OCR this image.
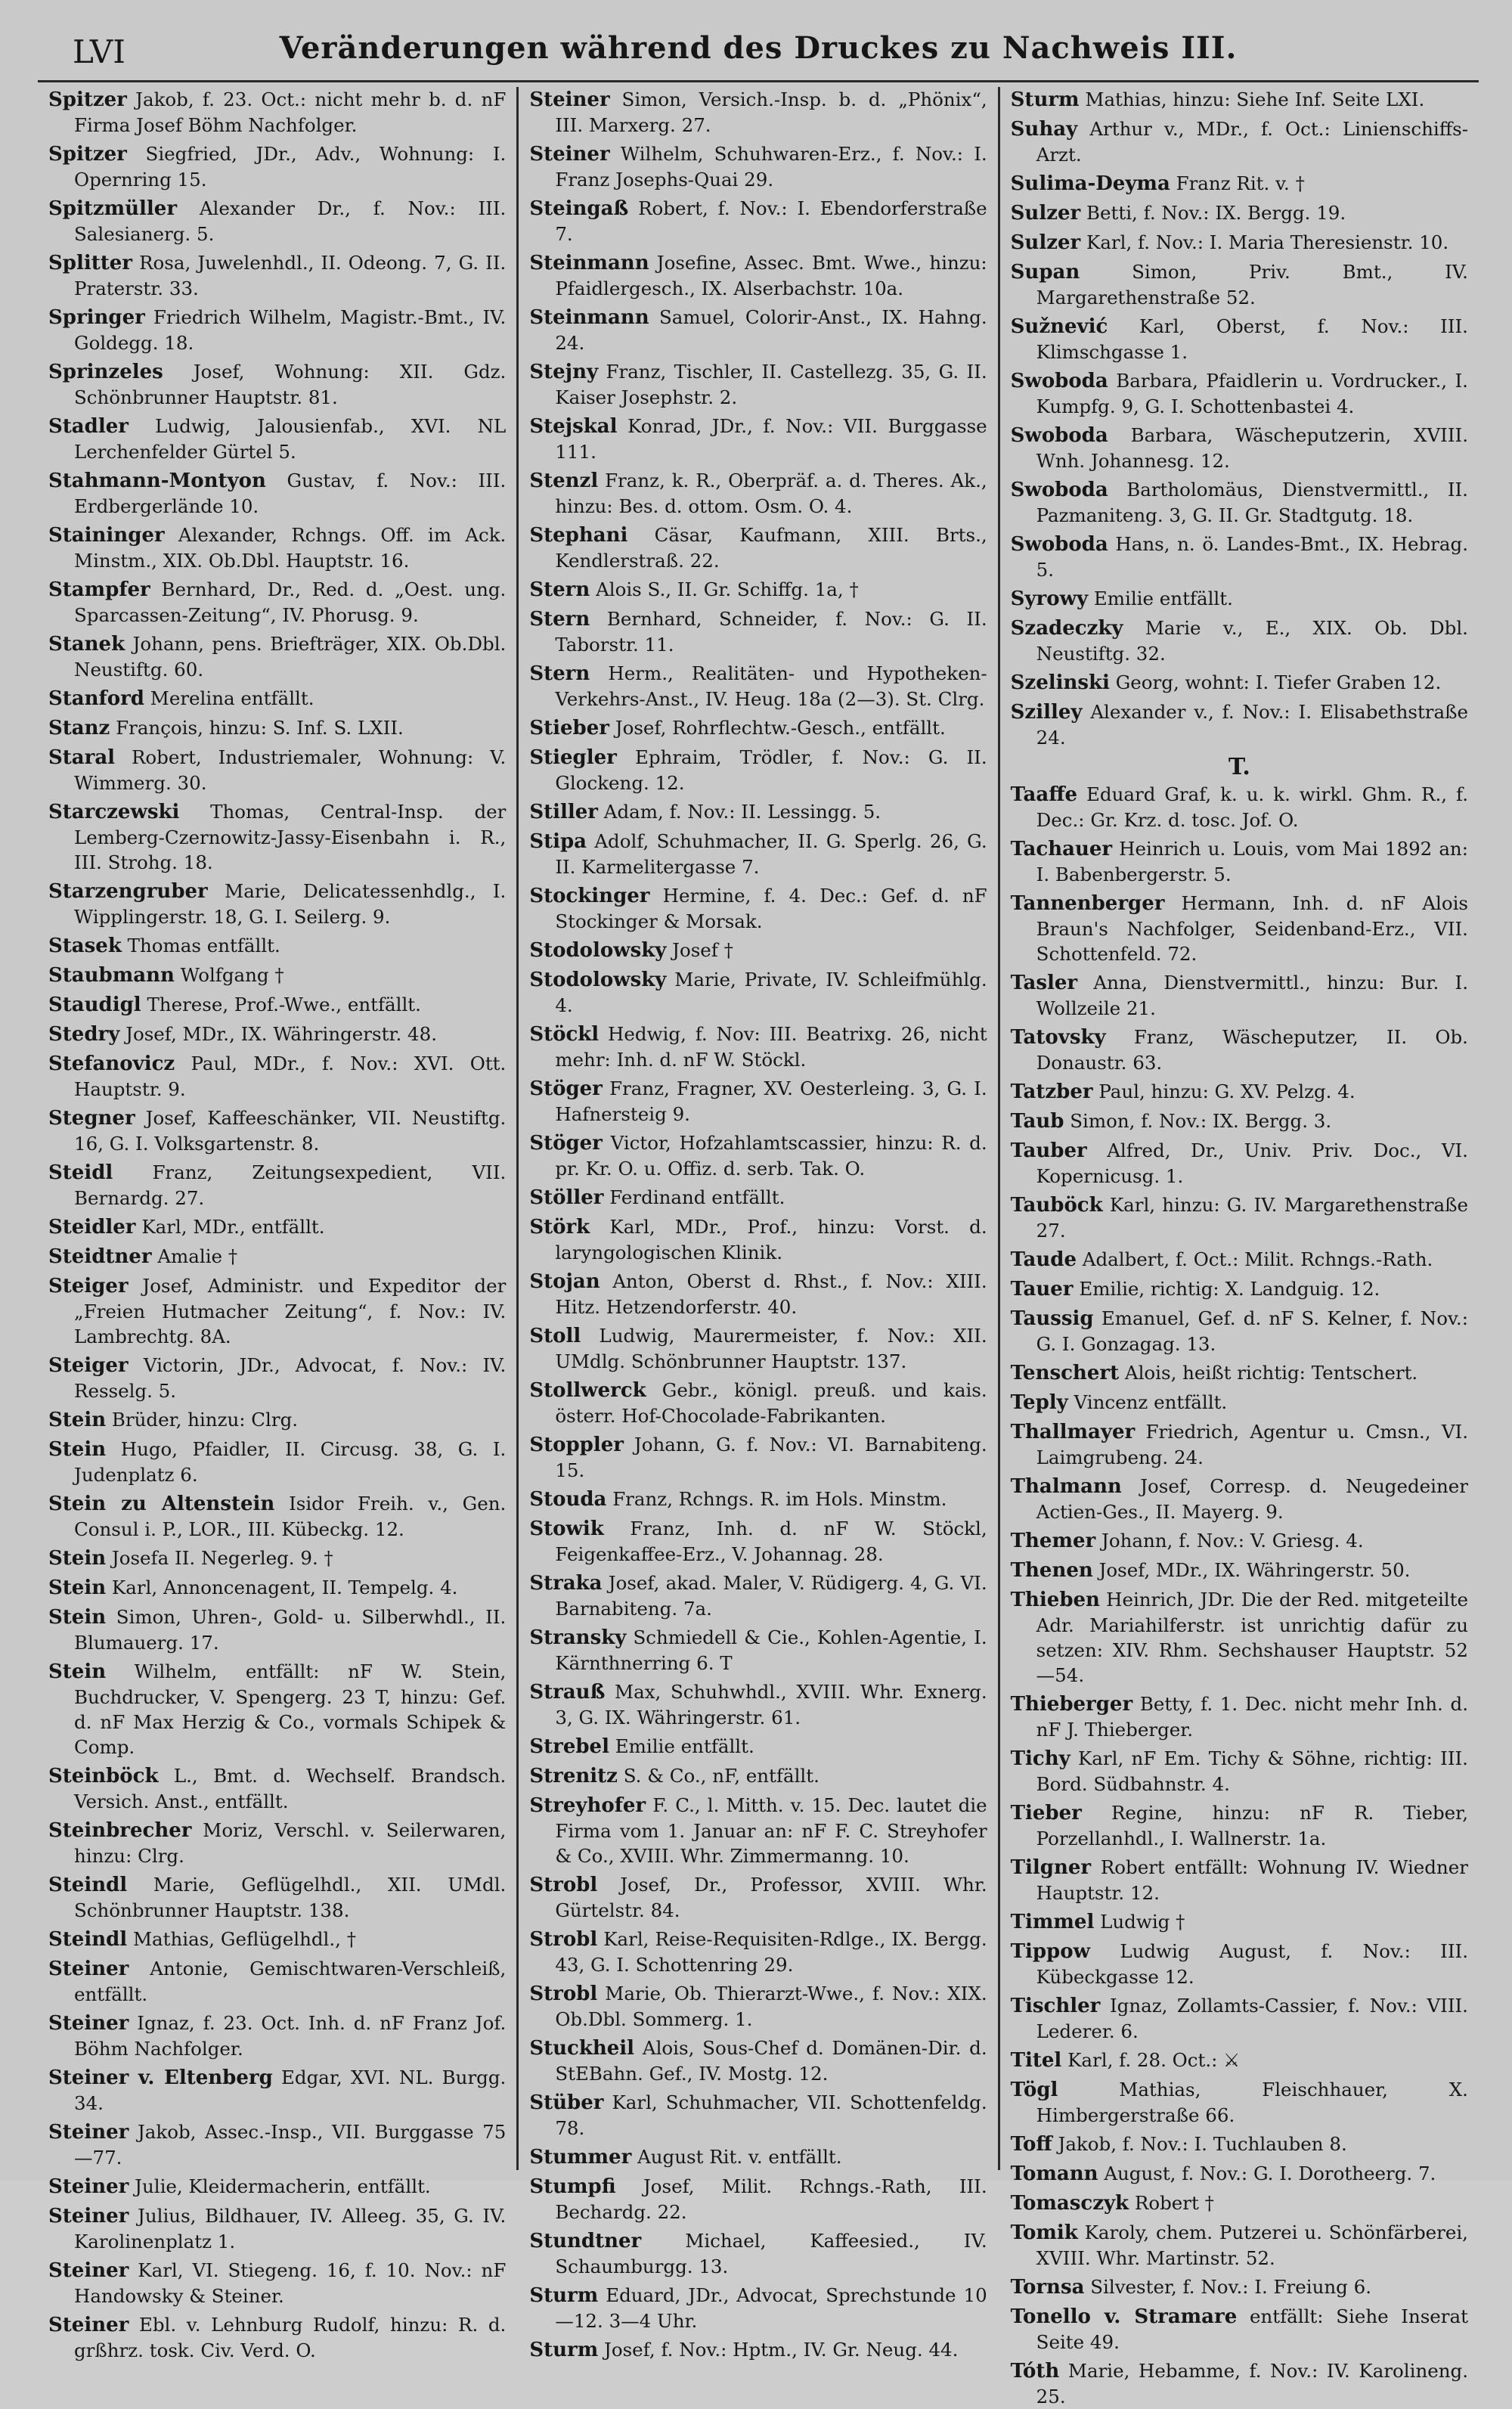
LVI	Veränderungen während des Druckes zu Nachweis III.
Spitzer Jakob, f. 23. Oct.: nicht mehr b. d. nF Firma Josef Böhm Nachfolger.
Spitzer Siegfried, JDr., Adv., Wohnung: I. Opernring 15.
Spitzmüller Alexander Dr., f. Nov.: III. Salesianerg. 5.
Splitter Rosa, Juwelenhdl., II. Odeong. 7, G. II. Praterstr. 33.
Springer Friedrich Wilhelm, Magistr.-Bmt., IV. Goldegg. 18.
Sprinzeles Josef, Wohnung: XII. Gdz. Schönbrunner Hauptstr. 81.
Stadler Ludwig, Jalousienfab., XVI. NL Lerchenfelder Gürtel 5.
Stahmann-Montyon Gustav, f. Nov.: III. Erdbergerlände 10.
Staininger Alexander, Rchngs. Off. im Ack. Minstm., XIX. Ob.Dbl. Hauptstr. 16.
Stampfer Bernhard, Dr., Red. d. „Oest. ung. Sparcassen-Zeitung“, IV. Phorusg. 9.
Stanek Johann, pens. Briefträger, XIX. Ob.Dbl. Neustiftg. 60.
Stanford Merelina entfällt.
Stanz François, hinzu: S. Inf. S. LXII.
Staral Robert, Industriemaler, Wohnung: V. Wimmerg. 30.
Starczewski Thomas, Central-Insp. der Lemberg-Czernowitz-Jassy-Eisenbahn i. R., III. Strohg. 18.
Starzengruber Marie, Delicatessenhdlg., I. Wipplingerstr. 18, G. I. Seilerg. 9.
Stasek Thomas entfällt.
Staubmann Wolfgang †
Staudigl Therese, Prof.-Wwe., entfällt.
Stedry Josef, MDr., IX. Währingerstr. 48.
Stefanovicz Paul, MDr., f. Nov.: XVI. Ott. Hauptstr. 9.
Stegner Josef, Kaffeeschänker, VII. Neustiftg. 16, G. I. Volksgartenstr. 8.
Steidl Franz, Zeitungsexpedient, VII. Bernardg. 27.
Steidler Karl, MDr., entfällt.
Steidtner Amalie †
Steiger Josef, Administr. und Expeditor der „Freien Hutmacher Zeitung“, f. Nov.: IV. Lambrechtg. 8A.
Steiger Victorin, JDr., Advocat, f. Nov.: IV. Resselg. 5.
Stein Brüder, hinzu: Clrg.
Stein Hugo, Pfaidler, II. Circusg. 38, G. I. Judenplatz 6.
Stein zu Altenstein Isidor Freih. v., Gen. Consul i. P., LOR., III. Kübeckg. 12.
Stein Josefa II. Negerleg. 9. †
Stein Karl, Annoncenagent, II. Tempelg. 4.
Stein Simon, Uhren-, Gold- u. Silberwhdl., II. Blumauerg. 17.
Stein Wilhelm, entfällt: nF W. Stein, Buchdrucker, V. Spengerg. 23 T, hinzu: Gef. d. nF Max Herzig & Co., vormals Schipek & Comp.
Steinböck L., Bmt. d. Wechself. Brandsch. Versich. Anst., entfällt.
Steinbrecher Moriz, Verschl. v. Seilerwaren, hinzu: Clrg.
Steindl Marie, Geflügelhdl., XII. UMdl. Schönbrunner Hauptstr. 138.
Steindl Mathias, Geflügelhdl., †
Steiner Antonie, Gemischtwaren-Verschleiß, entfällt.
Steiner Ignaz, f. 23. Oct. Inh. d. nF Franz Jof. Böhm Nachfolger.
Steiner v. Eltenberg Edgar, XVI. NL. Burgg. 34.
Steiner Jakob, Assec.-Insp., VII. Burggasse 75—77.
Steiner Julie, Kleidermacherin, entfällt.
Steiner Julius, Bildhauer, IV. Alleeg. 35, G. IV. Karolinenplatz 1.
Steiner Karl, VI. Stiegeng. 16, f. 10. Nov.: nF Handowsky & Steiner.
Steiner Ebl. v. Lehnburg Rudolf, hinzu: R. d. grßhrz. tosk. Civ. Verd. O.
Steiner Simon, Versich.-Insp. b. d. „Phönix“, III. Marxerg. 27.
Steiner Wilhelm, Schuhwaren-Erz., f. Nov.: I. Franz Josephs-Quai 29.
Steingaß Robert, f. Nov.: I. Ebendorferstraße 7.
Steinmann Josefine, Assec. Bmt. Wwe., hinzu: Pfaidlergesch., IX. Alserbachstr. 10a.
Steinmann Samuel, Colorir-Anst., IX. Hahng. 24.
Stejny Franz, Tischler, II. Castellezg. 35, G. II. Kaiser Josephstr. 2.
Stejskal Konrad, JDr., f. Nov.: VII. Burggasse 111.
Stenzl Franz, k. R., Oberpräf. a. d. Theres. Ak., hinzu: Bes. d. ottom. Osm. O. 4.
Stephani Cäsar, Kaufmann, XIII. Brts., Kendlerstraß. 22.
Stern Alois S., II. Gr. Schiffg. 1a, †
Stern Bernhard, Schneider, f. Nov.: G. II. Taborstr. 11.
Stern Herm., Realitäten- und Hypotheken-Verkehrs-Anst., IV. Heug. 18a (2—3). St. Clrg.
Stieber Josef, Rohrflechtw.-Gesch., entfällt.
Stiegler Ephraim, Trödler, f. Nov.: G. II. Glockeng. 12.
Stiller Adam, f. Nov.: II. Lessingg. 5.
Stipa Adolf, Schuhmacher, II. G. Sperlg. 26, G. II. Karmelitergasse 7.
Stockinger Hermine, f. 4. Dec.: Gef. d. nF Stockinger & Morsak.
Stodolowsky Josef †
Stodolowsky Marie, Private, IV. Schleifmühlg. 4.
Stöckl Hedwig, f. Nov: III. Beatrixg. 26, nicht mehr: Inh. d. nF W. Stöckl.
Stöger Franz, Fragner, XV. Oesterleing. 3, G. I. Hafnersteig 9.
Stöger Victor, Hofzahlamtscassier, hinzu: R. d. pr. Kr. O. u. Offiz. d. serb. Tak. O.
Stöller Ferdinand entfällt.
Störk Karl, MDr., Prof., hinzu: Vorst. d. laryngologischen Klinik.
Stojan Anton, Oberst d. Rhst., f. Nov.: XIII. Hitz. Hetzendorferstr. 40.
Stoll Ludwig, Maurermeister, f. Nov.: XII. UMdlg. Schönbrunner Hauptstr. 137.
Stollwerck Gebr., königl. preuß. und kais. österr. Hof-Chocolade-Fabrikanten.
Stoppler Johann, G. f. Nov.: VI. Barnabiteng. 15.
Stouda Franz, Rchngs. R. im Hols. Minstm.
Stowik Franz, Inh. d. nF W. Stöckl, Feigenkaffee-Erz., V. Johannag. 28.
Straka Josef, akad. Maler, V. Rüdigerg. 4, G. VI. Barnabiteng. 7a.
Stransky Schmiedell & Cie., Kohlen-Agentie, I. Kärnthnerring 6. T
Strauß Max, Schuhwhdl., XVIII. Whr. Exnerg. 3, G. IX. Währingerstr. 61.
Strebel Emilie entfällt.
Strenitz S. & Co., nF, entfällt.
Streyhofer F. C., l. Mitth. v. 15. Dec. lautet die Firma vom 1. Januar an: nF F. C. Streyhofer & Co., XVIII. Whr. Zimmermanng. 10.
Strobl Josef, Dr., Professor, XVIII. Whr. Gürtelstr. 84.
Strobl Karl, Reise-Requisiten-Rdlge., IX. Bergg. 43, G. I. Schottenring 29.
Strobl Marie, Ob. Thierarzt-Wwe., f. Nov.: XIX. Ob.Dbl. Sommerg. 1.
Stuckheil Alois, Sous-Chef d. Domänen-Dir. d. StEBahn. Gef., IV. Mostg. 12.
Stüber Karl, Schuhmacher, VII. Schottenfeldg. 78.
Stummer August Rit. v. entfällt.
Stumpfi Josef, Milit. Rchngs.-Rath, III. Bechardg. 22.
Stundtner Michael, Kaffeesied., IV. Schaumburgg. 13.
Sturm Eduard, JDr., Advocat, Sprechstunde 10—12. 3—4 Uhr.
Sturm Josef, f. Nov.: Hptm., IV. Gr. Neug. 44.
Sturm Mathias, hinzu: Siehe Inf. Seite LXI.
Suhay Arthur v., MDr., f. Oct.: Linienschiffs-Arzt.
Sulima-Deyma Franz Rit. v. †
Sulzer Betti, f. Nov.: IX. Bergg. 19.
Sulzer Karl, f. Nov.: I. Maria Theresienstr. 10.
Supan	Simon, Priv. Bmt., IV. Margarethenstraße 52.
Sužnević Karl, Oberst, f. Nov.: III. Klimschgasse 1.
Swoboda Barbara, Pfaidlerin u. Vordrucker., I. Kumpfg. 9, G. I. Schottenbastei 4.
Swoboda Barbara, Wäscheputzerin, XVIII. Wnh. Johannesg. 12.
Swoboda Bartholomäus, Dienstvermittl., II. Pazmaniteng. 3, G. II. Gr. Stadtgutg. 18.
Swoboda Hans, n. ö. Landes-Bmt., IX. Hebrag. 5.
Syrowy Emilie entfällt.
Szadeczky Marie v., E., XIX. Ob. Dbl. Neustiftg. 32.
Szelinski Georg, wohnt: I. Tiefer Graben 12.
Szilley Alexander v., f. Nov.: I. Elisabethstraße 24.
T.
Taaffe Eduard Graf, k. u. k. wirkl. Ghm. R., f. Dec.: Gr. Krz. d. tosc. Jof. O.
Tachauer Heinrich u. Louis, vom Mai 1892 an: I. Babenbergerstr. 5.
Tannenberger Hermann, Inh. d. nF Alois Braun's Nachfolger, Seidenband-Erz., VII. Schottenfeld. 72.
Tasler Anna, Dienstvermittl., hinzu: Bur. I. Wollzeile 21.
Tatovsky Franz, Wäscheputzer, II. Ob. Donaustr. 63.
Tatzber Paul, hinzu: G. XV. Pelzg. 4.
Taub Simon, f. Nov.: IX. Bergg. 3.
Tauber Alfred, Dr., Univ. Priv. Doc., VI. Kopernicusg. 1.
Tauböck Karl, hinzu: G. IV. Margarethenstraße 27.
Taude Adalbert, f. Oct.: Milit. Rchngs.-Rath.
Tauer Emilie, richtig: X. Landguig. 12.
Taussig Emanuel, Gef. d. nF S. Kelner, f. Nov.: G. I. Gonzagag. 13.
Tenschert Alois, heißt richtig: Tentschert.
Teply Vincenz entfällt.
Thallmayer Friedrich, Agentur u. Cmsn., VI. Laimgrubeng. 24.
Thalmann Josef, Corresp. d. Neugedeiner Actien-Ges., II. Mayerg. 9.
Themer Johann, f. Nov.: V. Griesg. 4.
Thenen Josef, MDr., IX. Währingerstr. 50.
Thieben Heinrich, JDr. Die der Red. mitgeteilte Adr. Mariahilferstr. ist unrichtig dafür zu setzen: XIV. Rhm. Sechshauser Hauptstr. 52—54.
Thieberger Betty, f. 1. Dec. nicht mehr Inh. d. nF J. Thieberger.
Tichy Karl, nF Em. Tichy & Söhne, richtig: III. Bord. Südbahnstr. 4.
Tieber Regine, hinzu: nF R. Tieber, Porzellanhdl., I. Wallnerstr. 1a.
Tilgner Robert entfällt: Wohnung IV. Wiedner Hauptstr. 12.
Timmel Ludwig †
Tippow Ludwig August, f. Nov.: III. Kübeckgasse 12.
Tischler Ignaz, Zollamts-Cassier, f. Nov.: VIII. Lederer. 6.
Titel Karl, f. 28. Oct.: ⚔
Tögl	Mathias, Fleischhauer, X. Himbergerstraße 66.
Toff Jakob, f. Nov.: I. Tuchlauben 8.
Tomann August, f. Nov.: G. I. Dorotheerg. 7.
Tomasczyk Robert †
Tomik Karoly, chem. Putzerei u. Schönfärberei, XVIII. Whr. Martinstr. 52.
Tornsa Silvester, f. Nov.: I. Freiung 6.
Tonello v. Stramare entfällt: Siehe Inserat Seite 49.
Tóth Marie, Hebamme, f. Nov.: IV. Karolineng. 25.
